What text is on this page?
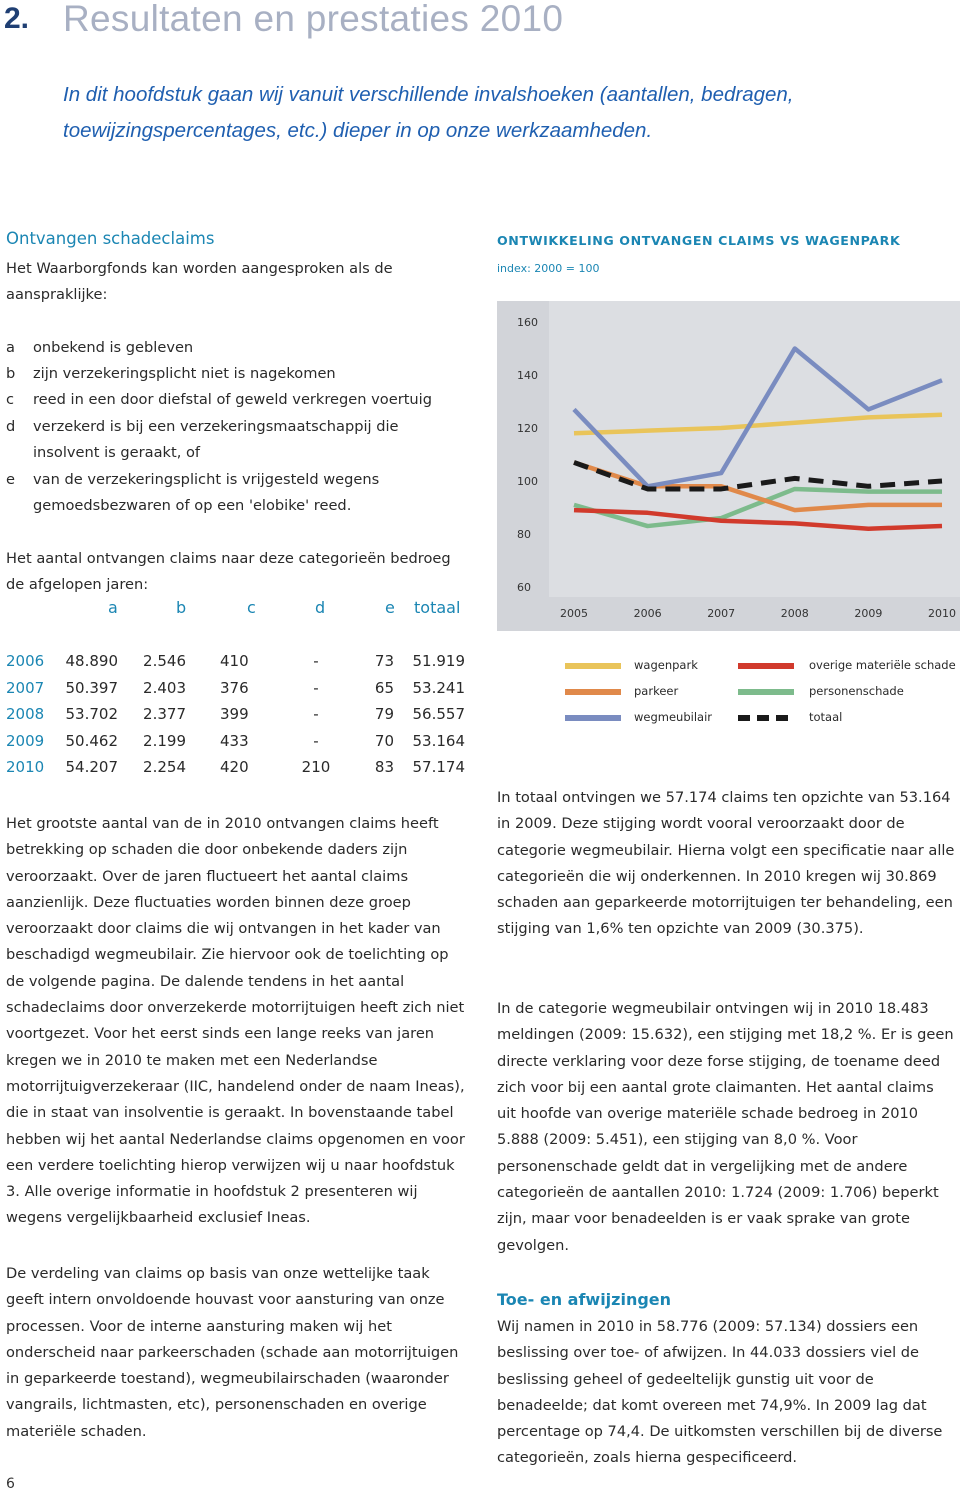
2. Resultaten en prestaties 2010
In dit hoofdstuk gaan wij vanuit verschillende invalshoeken (aantallen, bedragen,
toewijzingspercentages, etc.) dieper in op onze werkzaamheden.
Ontvangen schadeclaims
Het Waarborgfonds kan worden aangesproken als de aanspraklijke:
a onbekend is gebleven
b zijn verzekeringsplicht niet is nagekomen
c reed in een door diefstal of geweld verkregen voertuig
d verzekerd is bij een verzekeringsmaatschappij die insolvent is geraakt, of
e van de verzekeringsplicht is vrijgesteld wegens gemoedsbezwaren of op een 'elobike' reed.
Het aantal ontvangen claims naar deze categorieën bedroeg de afgelopen jaren:
a	b	c	d	e totaal
2006	48.890	2.546 410	-	73 51.919
2007	50.397	2.403 376	-	65 53.241
2008	53.702	2.377 399	-	79 56.557
2009	50.462	2.199 433	-	70 53.164
2010	54.207	2.254 420	210	83 57.174
Het grootste aantal van de in 2010 ontvangen claims heeft betrekking op schaden die door onbekende daders zijn veroorzaakt. Over de jaren fluctueert het aantal claims aanzienlijk. Deze fluctuaties worden binnen deze groep veroorzaakt door claims die wij ontvangen in het kader van beschadigd wegmeubilair. Zie hiervoor ook de toelichting op de volgende pagina. De dalende tendens in het aantal schadeclaims door onverzekerde motorrijtuigen heeft zich niet voortgezet. Voor het eerst sinds een lange reeks van jaren kregen we in 2010 te maken met een Nederlandse motorrijtuigverzekeraar (IIC, handelend onder de naam Ineas), die in staat van insolventie is geraakt. In bovenstaande tabel hebben wij het aantal Nederlandse claims opgenomen en voor een verdere toelichting hierop verwijzen wij u naar hoofdstuk 3. Alle overige informatie in hoofdstuk 2 presenteren wij wegens vergelijkbaarheid exclusief Ineas.
De verdeling van claims op basis van onze wettelijke taak geeft intern onvoldoende houvast voor aansturing van onze processen. Voor de interne aansturing maken wij het onderscheid naar parkeerschaden (schade aan motorrijtuigen in geparkeerde toestand), wegmeubilairschaden (waaronder vangrails, lichtmasten, etc), personenschaden en overige materiële schaden.
ONTWIKKELING ONTVANGEN CLAIMS VS WAGENPARK
index: 2000 = 100
60
80
100
120
140
160
2005	2006	2007	2008	2009	2010
wagenpark
parkeer
wegmeubilair
overige materiële schade
personenschade
totaal
In totaal ontvingen we 57.174 claims ten opzichte van 53.164 in 2009. Deze stijging wordt vooral veroorzaakt door de categorie wegmeubilair. Hierna volgt een specificatie naar alle categorieën die wij onderkennen. In 2010 kregen wij 30.869 schaden aan geparkeerde motorrijtuigen ter behandeling, een stijging van 1,6% ten opzichte van 2009 (30.375).
In de categorie wegmeubilair ontvingen wij in 2010 18.483 meldingen (2009: 15.632), een stijging met 18,2 %. Er is geen directe verklaring voor deze forse stijging, de toename deed zich voor bij een aantal grote claimanten. Het aantal claims uit hoofde van overige materiële schade bedroeg in 2010 5.888 (2009: 5.451), een stijging van 8,0 %. Voor personenschade geldt dat in vergelijking met de andere categorieën de aantallen 2010: 1.724 (2009: 1.706) beperkt zijn, maar voor benadeelden is er vaak sprake van grote gevolgen.
Toe- en afwijzingen
Wij namen in 2010 in 58.776 (2009: 57.134) dossiers een beslissing over toe- of afwijzen. In 44.033 dossiers viel de beslissing geheel of gedeeltelijk gunstig uit voor de benadeelde; dat komt overeen met 74,9%. In 2009 lag dat percentage op 74,4. De uitkomsten verschillen bij de diverse categorieën, zoals hierna gespecificeerd.
6
